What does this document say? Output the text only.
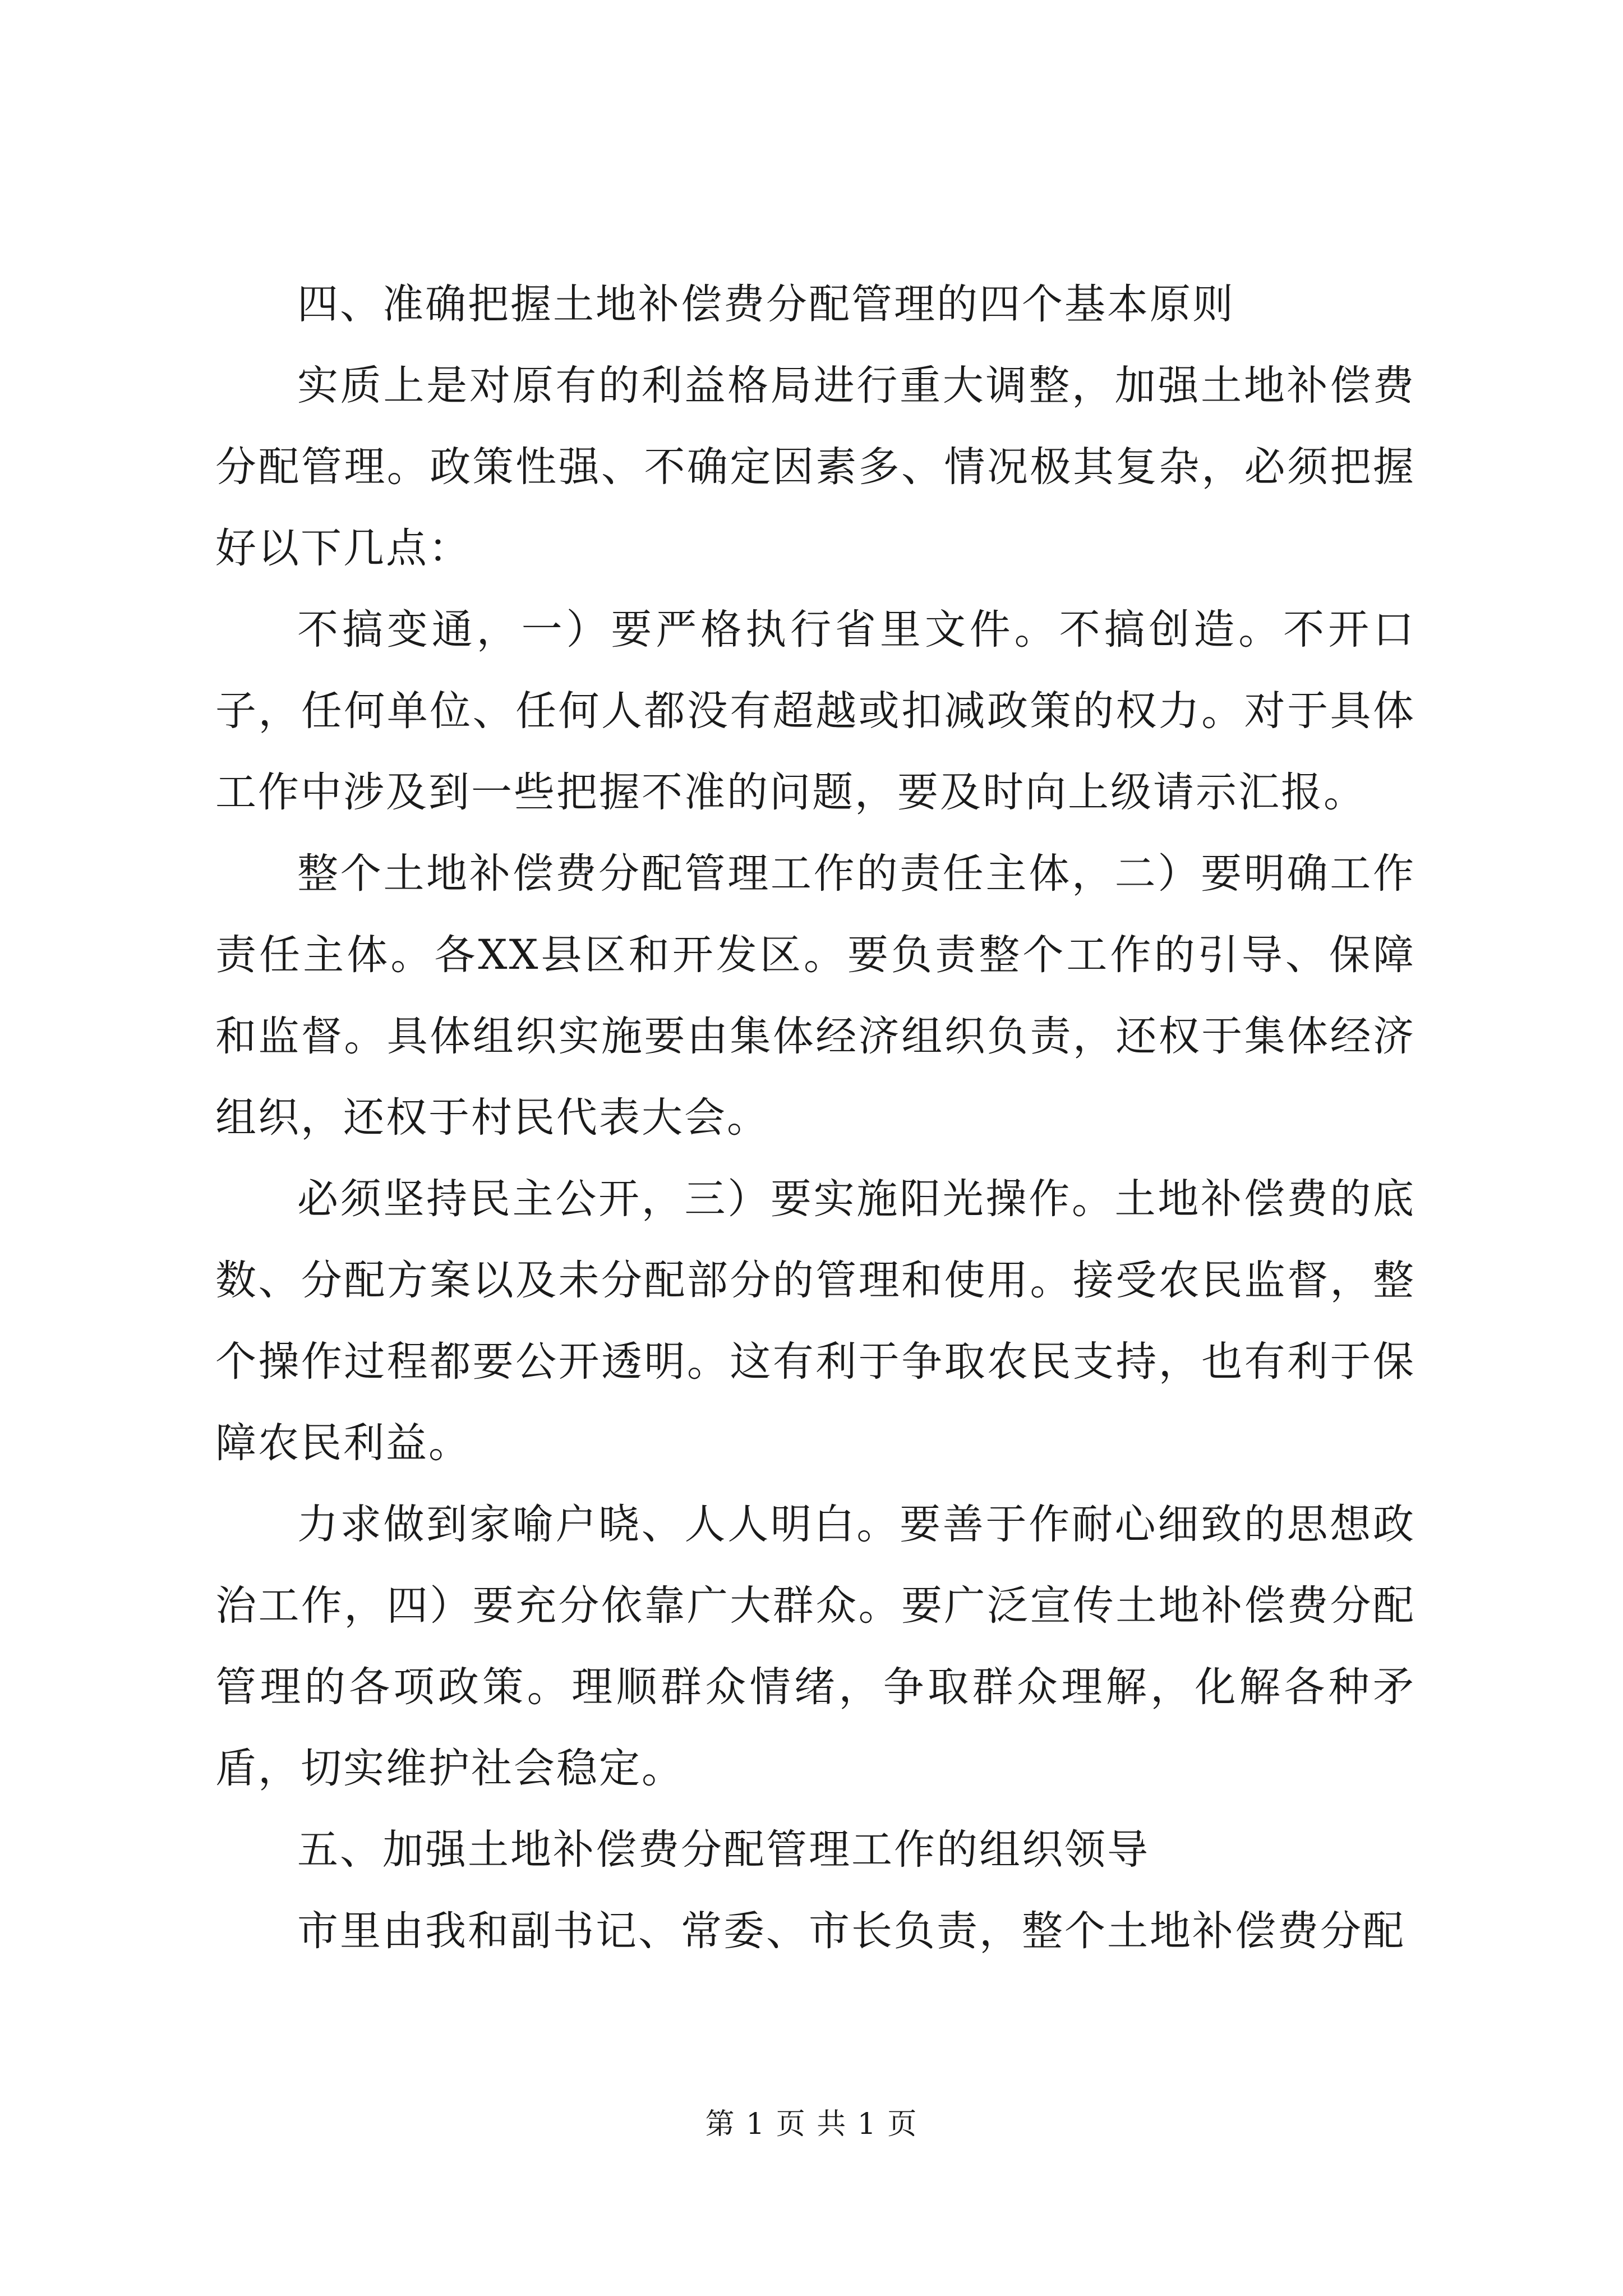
四、准确把握土地补偿费分配管理的四个基本原则

实质上是对原有的利益格局进行重大调整，加强土地补偿费分配管理。政策性强、不确定因素多、情况极其复杂，必须把握好以下几点：

不搞变通，一）要严格执行省里文件。不搞创造。不开口子，任何单位、任何人都没有超越或扣减政策的权力。对于具体工作中涉及到一些把握不准的问题，要及时向上级请示汇报。

整个土地补偿费分配管理工作的责任主体，二）要明确工作责任主体。各XX县区和开发区。要负责整个工作的引导、保障和监督。具体组织实施要由集体经济组织负责，还权于集体经济组织，还权于村民代表大会。

必须坚持民主公开，三）要实施阳光操作。土地补偿费的底数、分配方案以及未分配部分的管理和使用。接受农民监督，整个操作过程都要公开透明。这有利于争取农民支持，也有利于保障农民利益。

力求做到家喻户晓、人人明白。要善于作耐心细致的思想政治工作，四）要充分依靠广大群众。要广泛宣传土地补偿费分配管理的各项政策。理顺群众情绪，争取群众理解，化解各种矛盾，切实维护社会稳定。

五、加强土地补偿费分配管理工作的组织领导

市里由我和副书记、常委、市长负责，整个土地补偿费分配

第 1 页 共 1 页
